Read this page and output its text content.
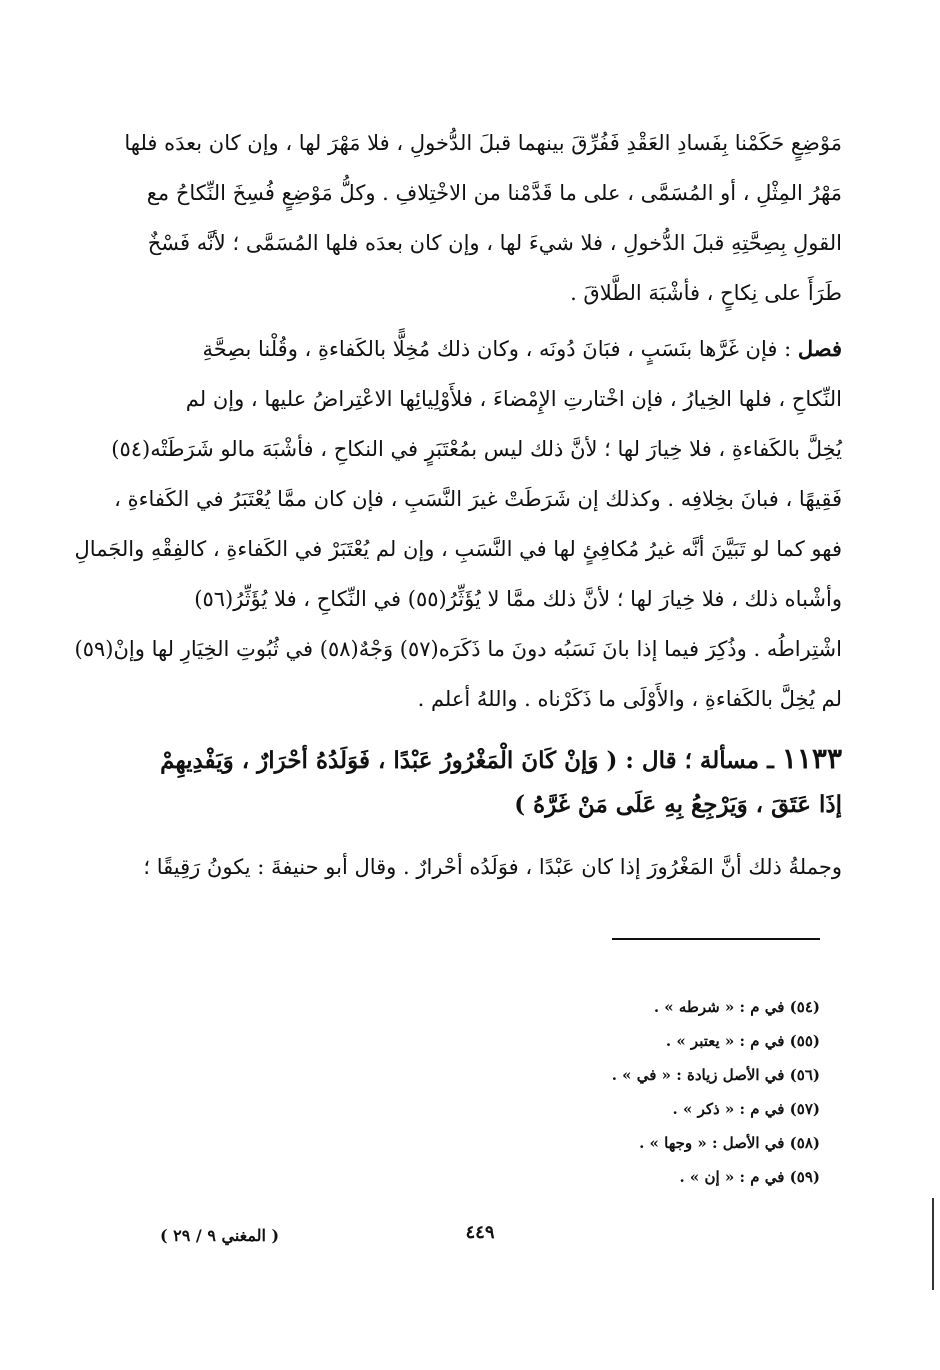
مَوْضِعٍ حَكَمْنا بِفَسادِ العَقْدِ فَفُرِّقَ بينهما قبلَ الدُّخولِ ، فلا مَهْرَ لها ، وإن كان بعدَه فلها
مَهْرُ المِثْلِ ، أو المُسَمَّى ، على ما قَدَّمْنا من الاخْتِلافِ . وكلُّ مَوْضِعٍ فُسِخَ النِّكاحُ مع
القولِ بِصِحَّتِهِ قبلَ الدُّخولِ ، فلا شيءَ لها ، وإن كان بعدَه فلها المُسَمَّى ؛ لأنَّه فَسْخٌ
طَرَأَ على نِكاحٍ ، فأشْبَهَ الطَّلاقَ .
فصل : فإن غَرَّها بنَسَبٍ ، فبَانَ دُونَه ، وكان ذلك مُخِلًّا بالكَفاءةِ ، وقُلْنا بصِحَّةِ
النِّكاحِ ، فلها الخِيارُ ، فإن اخْتارتِ الإِمْضاءَ ، فلأَوْلِيائِها الاعْتِراضُ عليها ، وإن لم
يُخِلَّ بالكَفاءةِ ، فلا خِيارَ لها ؛ لأنَّ ذلك ليس بمُعْتَبَرٍ في النكاحِ ، فأشْبَهَ مالو شَرَطَتْه(٥٤)
فَقِيهًا ، فبانَ بخِلافِه . وكذلك إن شَرَطَتْ غيرَ النَّسَبِ ، فإن كان ممَّا يُعْتَبَرُ في الكَفاءةِ ،
فهو كما لو تَبَيَّنَ أنَّه غيرُ مُكافِئٍ لها في النَّسَبِ ، وإن لم يُعْتَبَرْ في الكَفاءةِ ، كالفِقْهِ والجَمالِ
وأشْباه ذلك ، فلا خِيارَ لها ؛ لأنَّ ذلك ممَّا لا يُؤَثِّرُ(٥٥) في النِّكاحِ ، فلا يُؤَثِّرُ(٥٦)
اشْتِراطُه . وذُكِرَ فيما إذا بانَ نَسَبُه دونَ ما ذَكَرَه(٥٧) وَجْهٌ(٥٨) في ثُبُوتِ الخِيَارِ لها وإنْ(٥٩)
لم يُخِلَّ بالكَفاءةِ ، والأَوْلَى ما ذَكَرْناه . واللهُ أعلم .
١١٣٣ ـ مسألة ؛ قال : ( وَإنْ كَانَ الْمَغْرُورُ عَبْدًا ، فَوَلَدُهُ أحْرَارٌ ، وَيَفْدِيهِمْ
إذَا عَتَقَ ، وَيَرْجِعُ بِهِ عَلَى مَنْ غَرَّهُ )
وجملةُ ذلك أنَّ المَغْرُورَ إذا كان عَبْدًا ، فوَلَدُه أحْرارٌ . وقال أبو حنيفةَ : يكونُ رَقِيقًا ؛
(٥٤) في م : « شرطه » .
(٥٥) في م : « يعتبر » .
(٥٦) في الأصل زيادة : « في » .
(٥٧) في م : « ذكر » .
(٥٨) في الأصل : « وجها » .
(٥٩) في م : « إن » .
٤٤٩
( المغني ٩ / ٢٩ )
